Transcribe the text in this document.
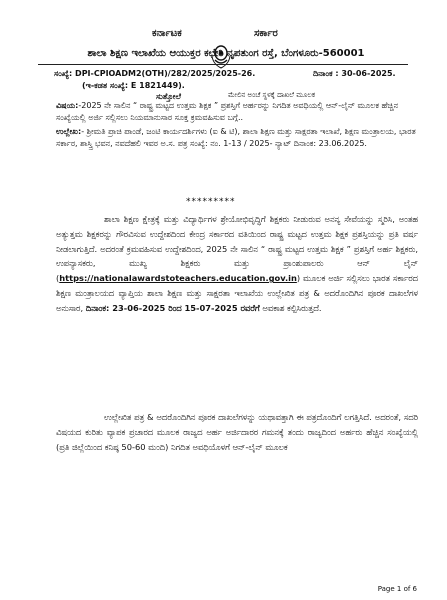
ಕರ್ನಾಟಕ	ಸರ್ಕಾರ
ಶಾಲಾ ಶಿಕ್ಷಣ ಇಲಾಖೆಯ ಆಯುಕ್ತರ ಕಛೇರಿ ನೃಪತುಂಗ ರಸ್ತೆ, ಬೆಂಗಳೂರು-560001
ಸಂಖ್ಯೆ: DPI-CPIOADM2(OTH)/282/2025/2025-26.	ದಿನಾಂಕ : 30-06-2025.
(ಇ-ಕಡತ ಸಂಖ್ಯೆ: E 1821449).
ಸುತ್ತೋಲೆ	ಮೇಲಿನ ಅಂಚೆ ಸ್ಥಳಕ್ಕೆ ದಾಖಲೆ ಮೂಲಕ
ವಿಷಯ:-2025 ನೇ ಸಾಲಿನ “ ರಾಷ್ಟ್ರ ಮಟ್ಟದ ಉತ್ತಮ ಶಿಕ್ಷಕ ” ಪ್ರಶಸ್ತಿಗೆ ಅರ್ಹರನ್ನು ನಿಗದಿತ ಅವಧಿಯಲ್ಲಿ ಆನ್-ಲೈನ್ ಮೂಲಕ ಹೆಚ್ಚಿನ ಸಂಖ್ಯೆಯಲ್ಲಿ ಅರ್ಜಿ ಸಲ್ಲಿಸಲು ನಿಯಮಾನುಸಾರ ಸೂಕ್ತ ಕ್ರಮವಹಿಸುವ ಬಗ್ಗೆ..
ಉಲ್ಲೇಖ:- ಶ್ರೀಮತಿ ಪ್ರಾಚಿ ಪಾಂಡೆ, ಜಂಟಿ ಕಾರ್ಯದರ್ಶಿಗಳು (ಐ & ಟಿ), ಶಾಲಾ ಶಿಕ್ಷಣ ಮತ್ತು ಸಾಕ್ಷರತಾ ಇಲಾಖೆ, ಶಿಕ್ಷಣ ಮಂತ್ರಾಲಯ, ಭಾರತ ಸರ್ಕಾರ, ಶಾಸ್ತ್ರಿ ಭವನ, ನವದೆಹಲಿ ಇವರ ಅ.ಸ. ಪತ್ರ ಸಂಖ್ಯೆ: ನಂ. 1-13 / 2025- ನ್ಯಾಟ್ ದಿನಾಂಕ: 23.06.2025.
*********
ಶಾಲಾ ಶಿಕ್ಷಣ ಕ್ಷೇತ್ರಕ್ಕೆ ಮತ್ತು ವಿದ್ಯಾರ್ಥಿಗಳ ಶ್ರೇಯೋಭಿವೃದ್ಧಿಗೆ ಶಿಕ್ಷಕರು ನೀಡುರುವ ಅನನ್ಯ ಸೇವೆಯನ್ನು ಸ್ಮರಿಸಿ, ಅಂತಹ ಅತ್ಯುತ್ತಮ ಶಿಕ್ಷಕರನ್ನು ಗೌರವಿಸುವ ಉದ್ದೇಶದಿಂದ ಕೇಂದ್ರ ಸರ್ಕಾರದ ವತಿಯಿಂದ ರಾಷ್ಟ್ರ ಮಟ್ಟದ ಉತ್ತಮ ಶಿಕ್ಷಕ ಪ್ರಶಸ್ತಿಯನ್ನು ಪ್ರತಿ ವರ್ಷ ನೀಡಲಾಗುತ್ತಿದೆ. ಅದರಂತೆ ಕ್ರಮವಹಿಸುವ ಉದ್ದೇಶದಿಂದ, 2025 ನೇ ಸಾಲಿನ “ ರಾಷ್ಟ್ರ ಮಟ್ಟದ ಉತ್ತಮ ಶಿಕ್ಷಕ ” ಪ್ರಶಸ್ತಿಗೆ ಅರ್ಹ ಶಿಕ್ಷಕರು, ಉಪನ್ಯಾಸಕರು, ಮುಖ್ಯ ಶಿಕ್ಷಕರು ಮತ್ತು ಪ್ರಾಂಶುಪಾಲರು ಆನ್ ಲೈನ್ (https://nationalawardstoteachers.education.gov.in) ಮೂಲಕ ಅರ್ಜಿ ಸಲ್ಲಿಸಲು ಭಾರತ ಸರ್ಕಾರದ ಶಿಕ್ಷಣ ಮಂತ್ರಾಲಯದ ವ್ಯಾಪ್ತಿಯ ಶಾಲಾ ಶಿಕ್ಷಣ ಮತ್ತು ಸಾಕ್ಷರತಾ ಇಲಾಖೆಯ ಉಲ್ಲೇಖಿತ ಪತ್ರ & ಅದರೊಂದಿಗಿನ ಪೂರಕ ದಾಖಲೆಗಳ ಅನುಸಾರ, ದಿನಾಂಕ: 23-06-2025 ರಿಂದ 15-07-2025 ರವರೆಗೆ ಅವಕಾಶ ಕಲ್ಪಿಸಿರುತ್ತದೆ.
ಉಲ್ಲೇಖಿತ ಪತ್ರ & ಅದರೊಂದಿಗಿನ ಪೂರಕ ದಾಖಲೆಗಳನ್ನು ಯಥಾವತ್ತಾಗಿ ಈ ಪತ್ರದೊಂದಿಗೆ ಲಗತ್ತಿಸಿದೆ. ಅದರಂತೆ, ಸದರಿ ವಿಷಯದ ಕುರಿತು ವ್ಯಾಪಕ ಪ್ರಚಾರದ ಮೂಲಕ ರಾಜ್ಯದ ಅರ್ಹ ಅರ್ಜಿದಾರರ ಗಮನಕ್ಕೆ ತಂದು ರಾಜ್ಯದಿಂದ ಅರ್ಹರು ಹೆಚ್ಚಿನ ಸಂಖ್ಯೆಯಲ್ಲಿ (ಪ್ರತಿ ಜಿಲ್ಲೆಯಿಂದ ಕನಿಷ್ಠ 50-60 ಮಂದಿ) ನಿಗದಿತ ಅವಧಿಯೊಳಗೆ ಆನ್-ಲೈನ್ ಮೂಲಕ
Page 1 of 6
